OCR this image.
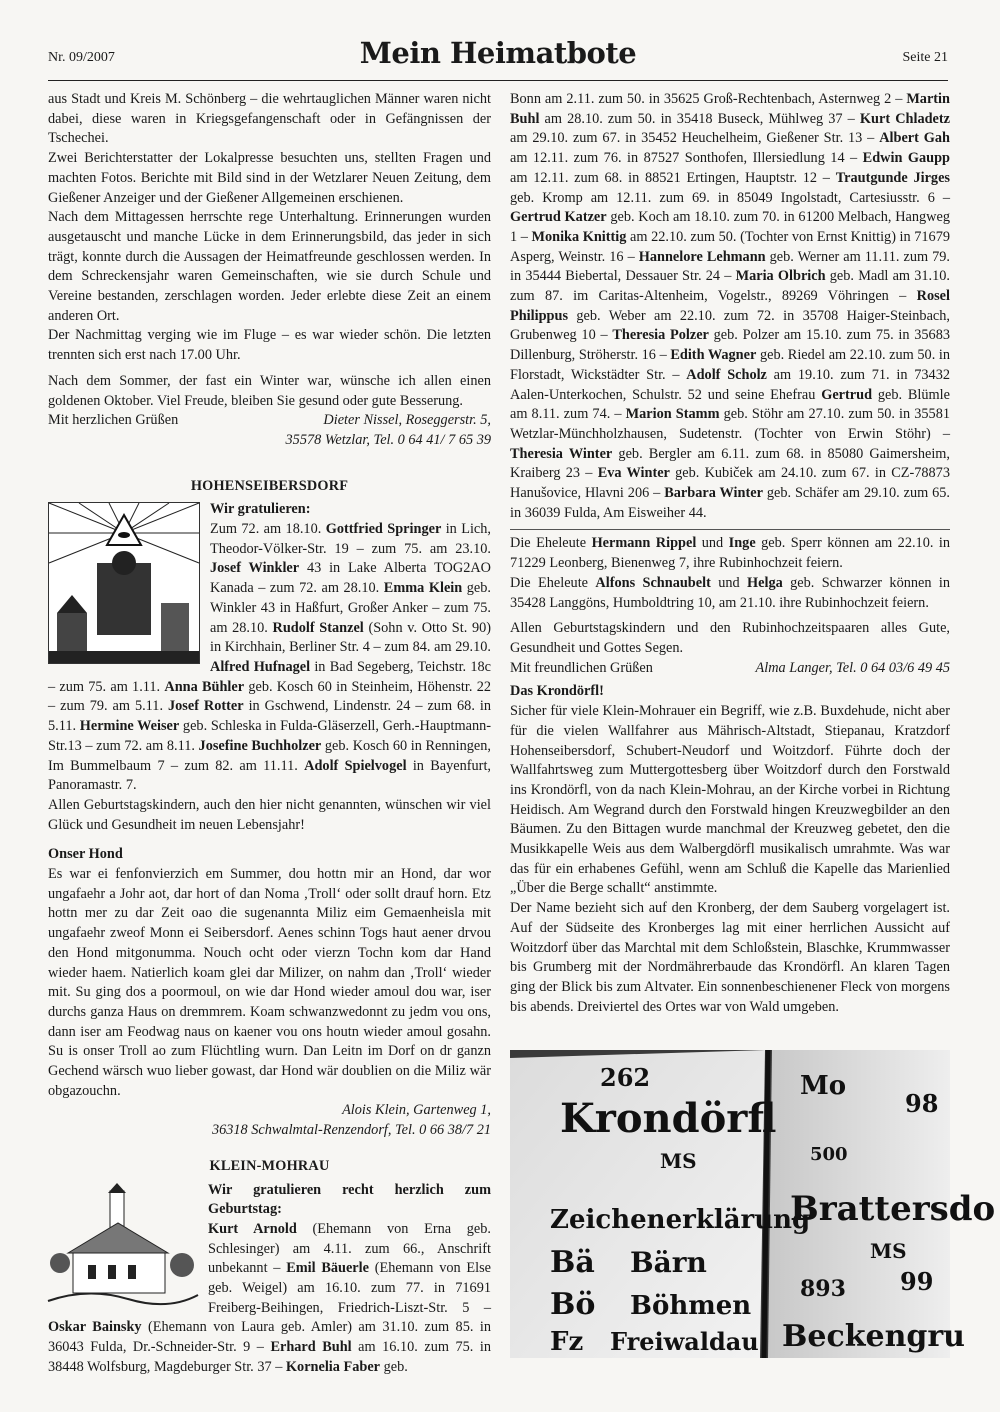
Nr. 09/2007	Mein Heimatbote	Seite 21

aus Stadt und Kreis M. Schönberg – die wehrtauglichen Männer waren nicht dabei, diese waren in Kriegsgefangenschaft oder in Gefängnissen der Tschechei.

Zwei Berichterstatter der Lokalpresse besuchten uns, stellten Fragen und machten Fotos. Berichte mit Bild sind in der Wetzlarer Neuen Zeitung, dem Gießener Anzeiger und der Gießener Allgemeinen erschienen.

Nach dem Mittagessen herrschte rege Unterhaltung. Erinnerungen wurden ausgetauscht und manche Lücke in dem Erinnerungsbild, das jeder in sich trägt, konnte durch die Aussagen der Heimatfreunde geschlossen werden. In dem Schreckensjahr waren Gemeinschaften, wie sie durch Schule und Vereine bestanden, zerschlagen worden. Jeder erlebte diese Zeit an einem anderen Ort.

Der Nachmittag verging wie im Fluge – es war wieder schön. Die letzten trennten sich erst nach 17.00 Uhr.

Nach dem Sommer, der fast ein Winter war, wünsche ich allen einen goldenen Oktober. Viel Freude, bleiben Sie gesund oder gute Besserung.

Mit herzlichen Grüßen	Dieter Nissel, Roseggerstr. 5,
35578 Wetzlar, Tel. 0 64 41/ 7 65 39
HOHENSEIBERSDORF
Wir gratulieren:

Zum 72. am 18.10. Gottfried Springer in Lich, Theodor-Völker-Str. 19 – zum 75. am 23.10. Josef Winkler 43 in Lake Alberta TOG2AO Kanada – zum 72. am 28.10. Emma Klein geb. Winkler 43 in Haßfurt, Großer Anker – zum 75. am 28.10. Rudolf Stanzel (Sohn v. Otto St. 90) in Kirchhain, Berliner Str. 4 – zum 84. am 29.10. Alfred Hufnagel in Bad Segeberg, Teichstr. 18c – zum 75. am 1.11. Anna Bühler geb. Kosch 60 in Steinheim, Höhenstr. 22 – zum 79. am 5.11. Josef Rotter in Gschwend, Lindenstr. 24 – zum 68. in 5.11. Hermine Weiser geb. Schleska in Fulda-Gläserzell, Gerh.-Hauptmann-Str.13 – zum 72. am 8.11. Josefine Buchholzer geb. Kosch 60 in Renningen, Im Bummelbaum 7 – zum 82. am 11.11. Adolf Spielvogel in Bayenfurt, Panoramastr. 7.

Allen Geburtstagskindern, auch den hier nicht genannten, wünschen wir viel Glück und Gesundheit im neuen Lebensjahr!

Onser Hond

Es war ei fenfonvierzich em Summer, dou hottn mir an Hond, dar wor ungafaehr a Johr aot, dar hort of dan Noma ‚Troll‘ oder sollt drauf horn. Etz hottn mer zu dar Zeit oao die sugenannta Miliz eim Gemaenheisla mit ungafaehr zweof Monn ei Seibersdorf. Aenes schinn Togs haut aener drvou den Hond mitgonumma. Nouch ocht oder vierzn Tochn kom dar Hand wieder haem. Natierlich koam glei dar Milizer, on nahm dan ‚Troll‘ wieder mit. Su ging dos a poormoul, on wie dar Hond wieder amoul dou war, iser durchs ganza Haus on dremmrem. Koam schwanzwedonnt zu jedm vou ons, dann iser am Feodwag naus on kaener vou ons houtn wieder amoul gosahn. Su is onser Troll ao zum Flüchtling wurn. Dan Leitn im Dorf on dr ganzn Gechend wärsch wuo lieber gowast, dar Hond wär doublien on die Miliz wär obgazouchn.

Alois Klein, Gartenweg 1,
36318 Schwalmtal-Renzendorf, Tel. 0 66 38/7 21
KLEIN-MOHRAU
Wir gratulieren recht herzlich zum Geburtstag:

Kurt Arnold (Ehemann von Erna geb. Schlesinger) am 4.11. zum 66., Anschrift unbekannt – Emil Bäuerle (Ehemann von Else geb. Weigel) am 16.10. zum 77. in 71691 Freiberg-Beihingen, Friedrich-Liszt-Str. 5 – Oskar Bainsky (Ehemann von Laura geb. Amler) am 31.10. zum 85. in 36043 Fulda, Dr.-Schneider-Str. 9 – Erhard Buhl am 16.10. zum 75. in 38448 Wolfsburg, Magdeburger Str. 37 – Kornelia Faber geb.

Bonn am 2.11. zum 50. in 35625 Groß-Rechtenbach, Asternweg 2 – Martin Buhl am 28.10. zum 50. in 35418 Buseck, Mühlweg 37 – Kurt Chladetz am 29.10. zum 67. in 35452 Heuchelheim, Gießener Str. 13 – Albert Gah am 12.11. zum 76. in 87527 Sonthofen, Illersiedlung 14 – Edwin Gaupp am 12.11. zum 68. in 88521 Ertingen, Hauptstr. 12 – Trautgunde Jirges geb. Kromp am 12.11. zum 69. in 85049 Ingolstadt, Cartesiusstr. 6 – Gertrud Katzer geb. Koch am 18.10. zum 70. in 61200 Melbach, Hangweg 1 – Monika Knittig am 22.10. zum 50. (Tochter von Ernst Knittig) in 71679 Asperg, Weinstr. 16 – Hannelore Lehmann geb. Werner am 11.11. zum 79. in 35444 Biebertal, Dessauer Str. 24 – Maria Olbrich geb. Madl am 31.10. zum 87. im Caritas-Altenheim, Vogelstr., 89269 Vöhringen – Rosel Philippus geb. Weber am 22.10. zum 72. in 35708 Haiger-Steinbach, Grubenweg 10 – Theresia Polzer geb. Polzer am 15.10. zum 75. in 35683 Dillenburg, Ströherstr. 16 – Edith Wagner geb. Riedel am 22.10. zum 50. in Florstadt, Wickstädter Str. – Adolf Scholz am 19.10. zum 71. in 73432 Aalen-Unterkochen, Schulstr. 52 und seine Ehefrau Gertrud geb. Blümle am 8.11. zum 74. – Marion Stamm geb. Stöhr am 27.10. zum 50. in 35581 Wetzlar-Münchholzhausen, Sudetenstr. (Tochter von Erwin Stöhr) – Theresia Winter geb. Bergler am 6.11. zum 68. in 85080 Gaimersheim, Kraiberg 23 – Eva Winter geb. Kubiček am 24.10. zum 67. in CZ-78873 Hanušovice, Hlavni 206 – Barbara Winter geb. Schäfer am 29.10. zum 65. in 36039 Fulda, Am Eisweiher 44.

Die Eheleute Hermann Rippel und Inge geb. Sperr können am 22.10. in 71229 Leonberg, Bienenweg 7, ihre Rubinhochzeit feiern.

Die Eheleute Alfons Schnaubelt und Helga geb. Schwarzer können in 35428 Langgöns, Humboldtring 10, am 21.10. ihre Rubinhochzeit feiern.

Allen Geburtstagskindern und den Rubinhochzeitspaaren alles Gute, Gesundheit und Gottes Segen.

Mit freundlichen Grüßen	Alma Langer, Tel. 0 64 03/6 49 45
Das Krondörfl!

Sicher für viele Klein-Mohrauer ein Begriff, wie z.B. Buxdehude, nicht aber für die vielen Wallfahrer aus Mährisch-Altstadt, Stiepanau, Kratzdorf Hohenseibersdorf, Schubert-Neudorf und Woitzdorf. Führte doch der Wallfahrtsweg zum Muttergottesberg über Woitzdorf durch den Forstwald ins Krondörfl, von da nach Klein-Mohrau, an der Kirche vorbei in Richtung Heidisch. Am Wegrand durch den Forstwald hingen Kreuzwegbilder an den Bäumen. Zu den Bittagen wurde manchmal der Kreuzweg gebetet, den die Musikkapelle Weis aus dem Walbergdörfl musikalisch umrahmte. Was war das für ein erhabenes Gefühl, wenn am Schluß die Kapelle das Marienlied „Über die Berge schallt“ anstimmte.

Der Name bezieht sich auf den Kronberg, der dem Sauberg vorgelagert ist. Auf der Südseite des Kronberges lag mit einer herrlichen Aussicht auf Woitzdorf über das Marchtal mit dem Schloßstein, Blaschke, Krummwasser bis Grumberg mit der Nordmährerbaude das Krondörfl. An klaren Tagen ging der Blick bis zum Altvater. Ein sonnenbeschienener Fleck von morgens bis abends. Dreiviertel des Ortes war von Wald umgeben.

262
Krondörfl
MS
Zeichenerklärung
Bä Bärn
Bö Böhmen
Fz Freiwaldau
Mo
500
98
Brattersdo
MS
893 99
Beckengru
